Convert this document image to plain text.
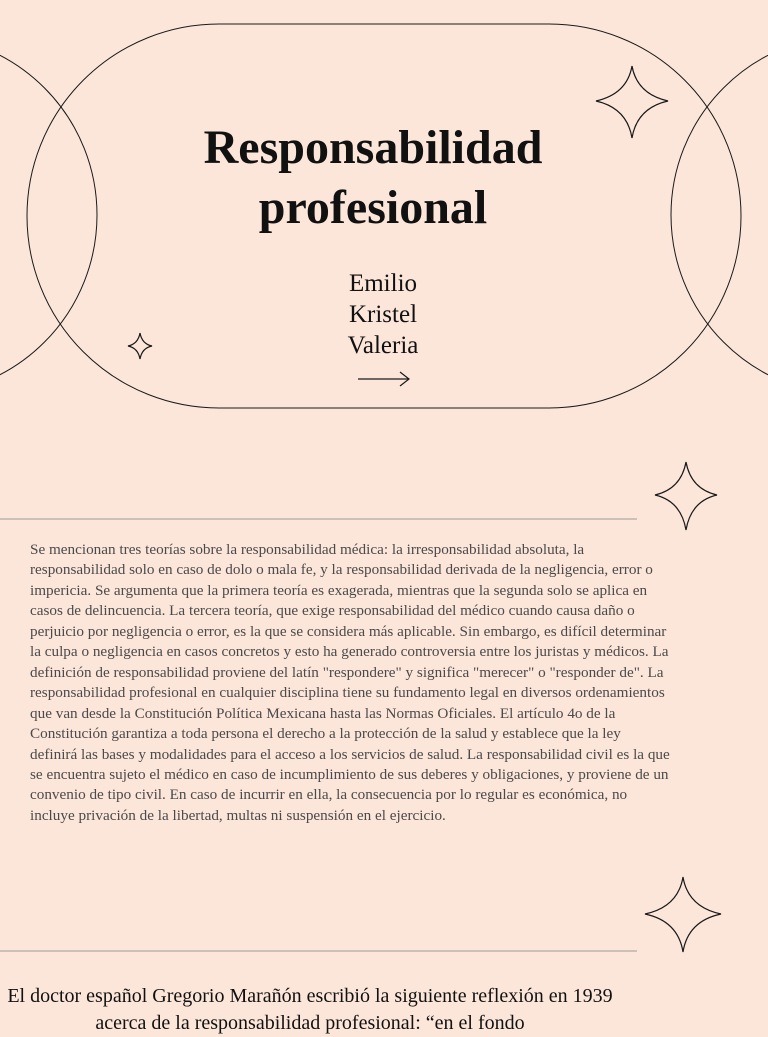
Responsabilidad
profesional
Emilio
Kristel
Valeria

Se mencionan tres teorías sobre la responsabilidad médica: la irresponsabilidad absoluta, la responsabilidad solo en caso de dolo o mala fe, y la responsabilidad derivada de la negligencia, error o impericia. Se argumenta que la primera teoría es exagerada, mientras que la segunda solo se aplica en casos de delincuencia. La tercera teoría, que exige responsabilidad del médico cuando causa daño o perjuicio por negligencia o error, es la que se considera más aplicable. Sin embargo, es difícil determinar la culpa o negligencia en casos concretos y esto ha generado controversia entre los juristas y médicos. La definición de responsabilidad proviene del latín "respondere" y significa "merecer" o "responder de". La responsabilidad profesional en cualquier disciplina tiene su fundamento legal en diversos ordenamientos que van desde la Constitución Política Mexicana hasta las Normas Oficiales. El artículo 4o de la Constitución garantiza a toda persona el derecho a la protección de la salud y establece que la ley definirá las bases y modalidades para el acceso a los servicios de salud. La responsabilidad civil es la que se encuentra sujeto el médico en caso de incumplimiento de sus deberes y obligaciones, y proviene de un convenio de tipo civil. En caso de incurrir en ella, la consecuencia por lo regular es económica, no incluye privación de la libertad, multas ni suspensión en el ejercicio.

El doctor español Gregorio Marañón escribió la siguiente reflexión en 1939 acerca de la responsabilidad profesional: “en el fondo
